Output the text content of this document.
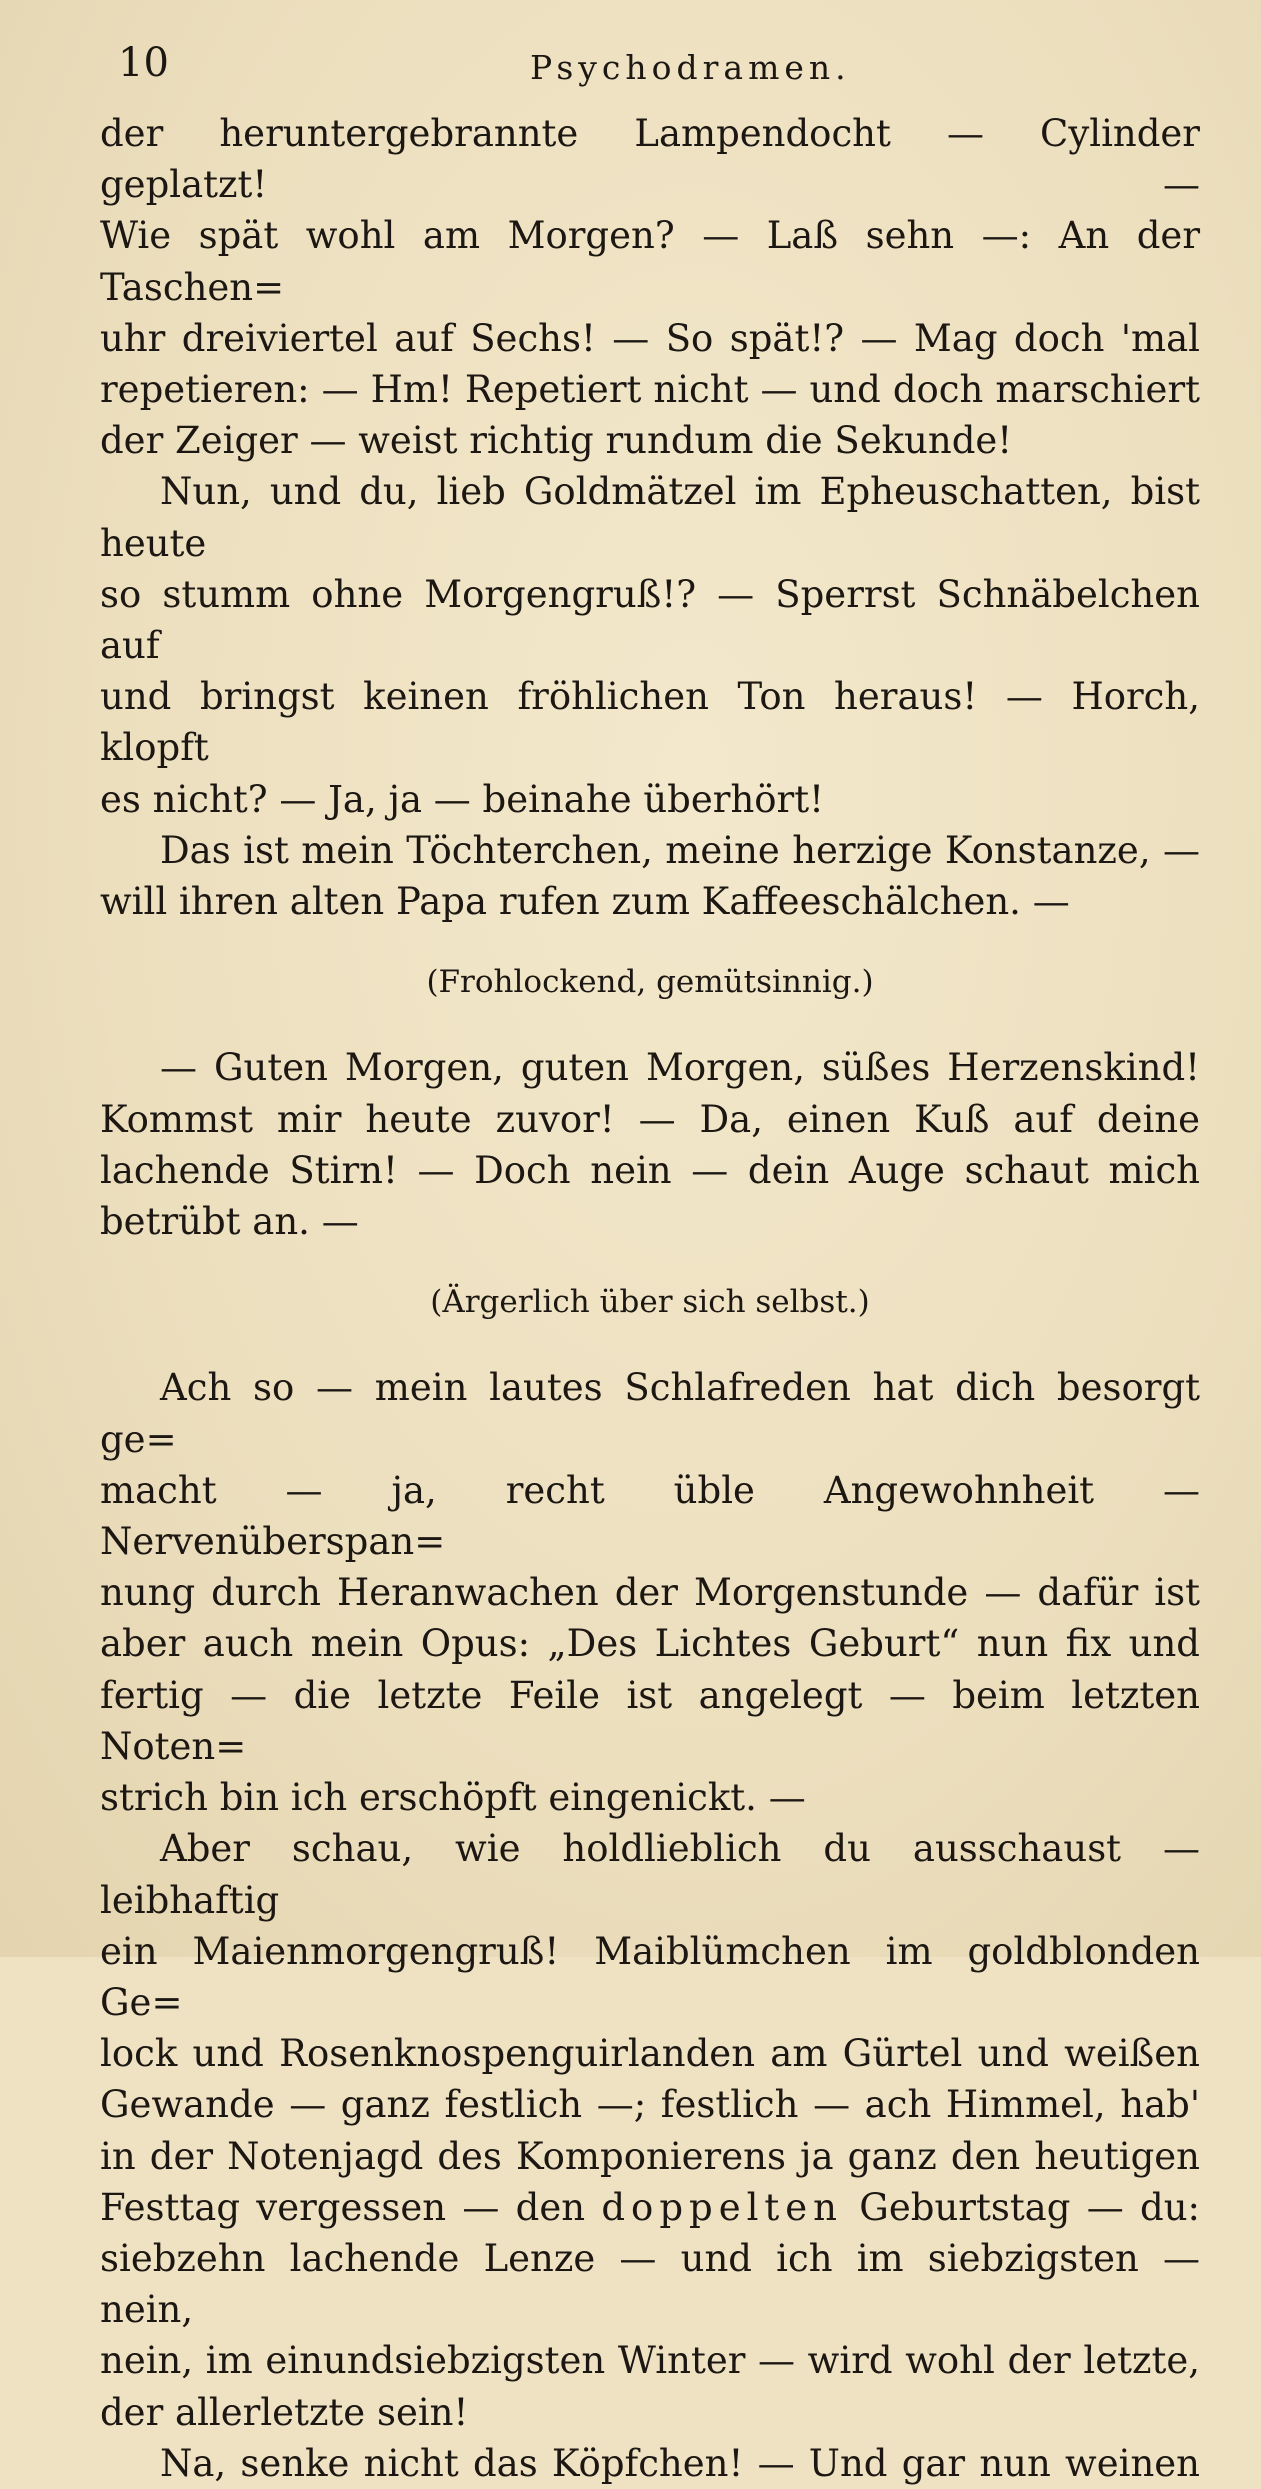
10	Psychodramen.

der heruntergebrannte Lampendocht — Cylinder geplatzt! —

Wie spät wohl am Morgen? — Laß sehn —: An der Taschen=

uhr dreiviertel auf Sechs! — So spät!? — Mag doch 'mal

repetieren: — Hm! Repetiert nicht — und doch marschiert

der Zeiger — weist richtig rundum die Sekunde!

Nun, und du, lieb Goldmätzel im Epheuschatten, bist heute

so stumm ohne Morgengruß!? — Sperrst Schnäbelchen auf

und bringst keinen fröhlichen Ton heraus! — Horch, klopft

es nicht? — Ja, ja — beinahe überhört!

Das ist mein Töchterchen, meine herzige Konstanze, —

will ihren alten Papa rufen zum Kaffeeschälchen. —

(Frohlockend, gemütsinnig.)

— Guten Morgen, guten Morgen, süßes Herzenskind!

Kommst mir heute zuvor! — Da, einen Kuß auf deine

lachende Stirn! — Doch nein — dein Auge schaut mich

betrübt an. —

(Ärgerlich über sich selbst.)

Ach so — mein lautes Schlafreden hat dich besorgt ge=

macht — ja, recht üble Angewohnheit — Nervenüberspan=

nung durch Heranwachen der Morgenstunde — dafür ist

aber auch mein Opus: „Des Lichtes Geburt“ nun fix und

fertig — die letzte Feile ist angelegt — beim letzten Noten=

strich bin ich erschöpft eingenickt. —

Aber schau, wie holdlieblich du ausschaust — leibhaftig

ein Maienmorgengruß! Maiblümchen im goldblonden Ge=

lock und Rosenknospenguirlanden am Gürtel und weißen

Gewande — ganz festlich —; festlich — ach Himmel, hab'

in der Notenjagd des Komponierens ja ganz den heutigen

Festtag vergessen — den doppelten Geburtstag — du:

siebzehn lachende Lenze — und ich im siebzigsten — nein,

nein, im einundsiebzigsten Winter — wird wohl der letzte,

der allerletzte sein!

Na, senke nicht das Köpfchen! — Und gar nun weinen
